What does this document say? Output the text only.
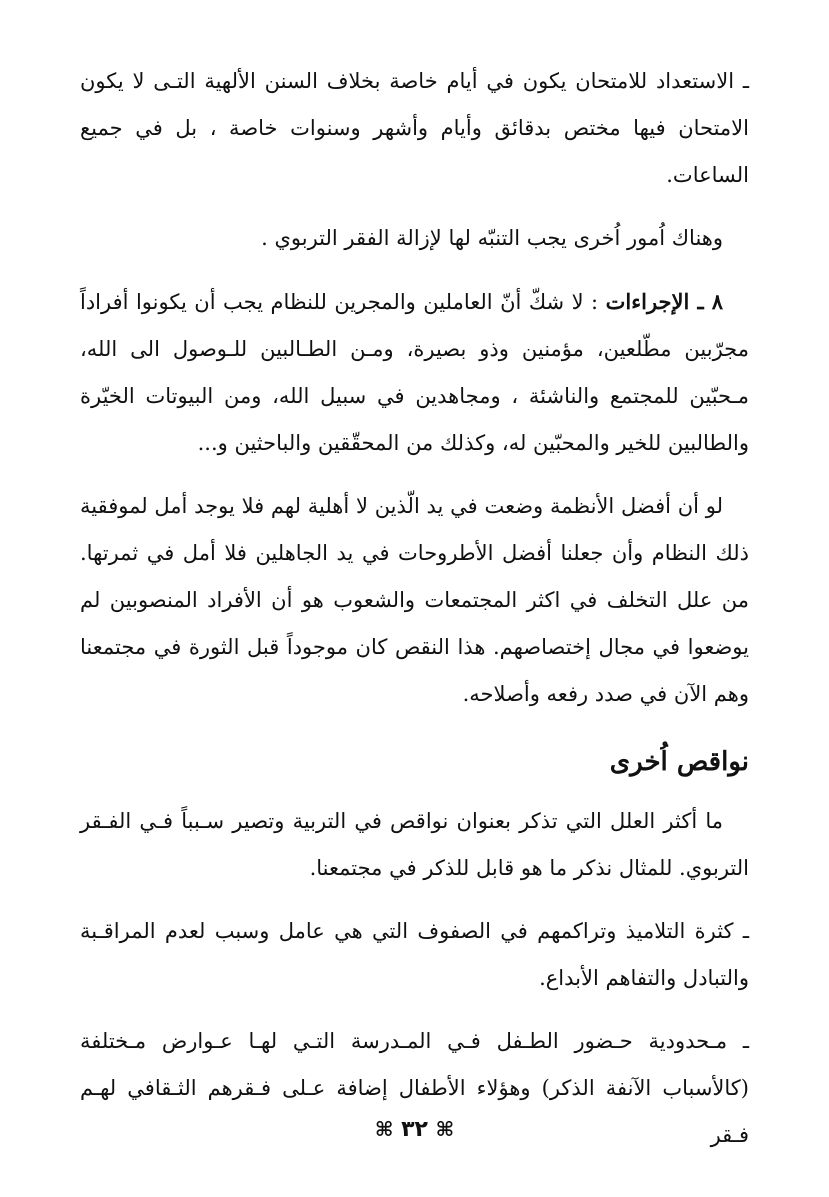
ـ الاستعداد للامتحان يكون في أيام خاصة بخلاف السنن الألهية التـى لا يكون الامتحان فيها مختص بدقائق وأيام وأشهر وسنوات خاصة ، بل في جميع الساعات.

وهناك اُمور اُخرى يجب التنبّه لها لإزالة الفقر التربوي .

٨ ـ الإجراءات : لا شكّ أنّ العاملين والمجرين للنظام يجب أن يكونوا أفراداً مجرّبين مطّلعين، مؤمنين وذو بصيرة، ومـن الطـالبين للـوصول الى الله، مـحبّين للمجتمع والناشئة ، ومجاهدين في سبيل الله، ومن البيوتات الخيّرة والطالبين للخير والمحبّين له، وكذلك من المحقّقين والباحثين و...

لو أن أفضل الأنظمة وضعت في يد الّذين لا أهلية لهم فلا يوجد أمل لموفقية ذلك النظام وأن جعلنا أفضل الأطروحات في يد الجاهلين فلا أمل في ثمرتها. من علل التخلف في اكثر المجتمعات والشعوب هو أن الأفراد المنصوبين لم يوضعوا في مجال إختصاصهم. هذا النقص كان موجوداً قبل الثورة في مجتمعنا وهم الآن في صدد رفعه وأصلاحه.

نواقص اُخرى

ما أكثر العلل التي تذكر بعنوان نواقص في التربية وتصير سـبباً فـي الفـقر التربوي. للمثال نذكر ما هو قابل للذكر في مجتمعنا.

ـ كثرة التلاميذ وتراكمهم في الصفوف التي هي عامل وسبب لعدم المراقـبة والتبادل والتفاهم الأبداع.

ـ مـحدودية حـضور الطـفل فـي المـدرسة التـي لهـا عـوارض مـختلفة (كالأسباب الآنفة الذكر) وهؤلاء الأطفال إضافة عـلى فـقرهم الثـقافي لهـم فـقر

⌘ ٣٢ ⌘
